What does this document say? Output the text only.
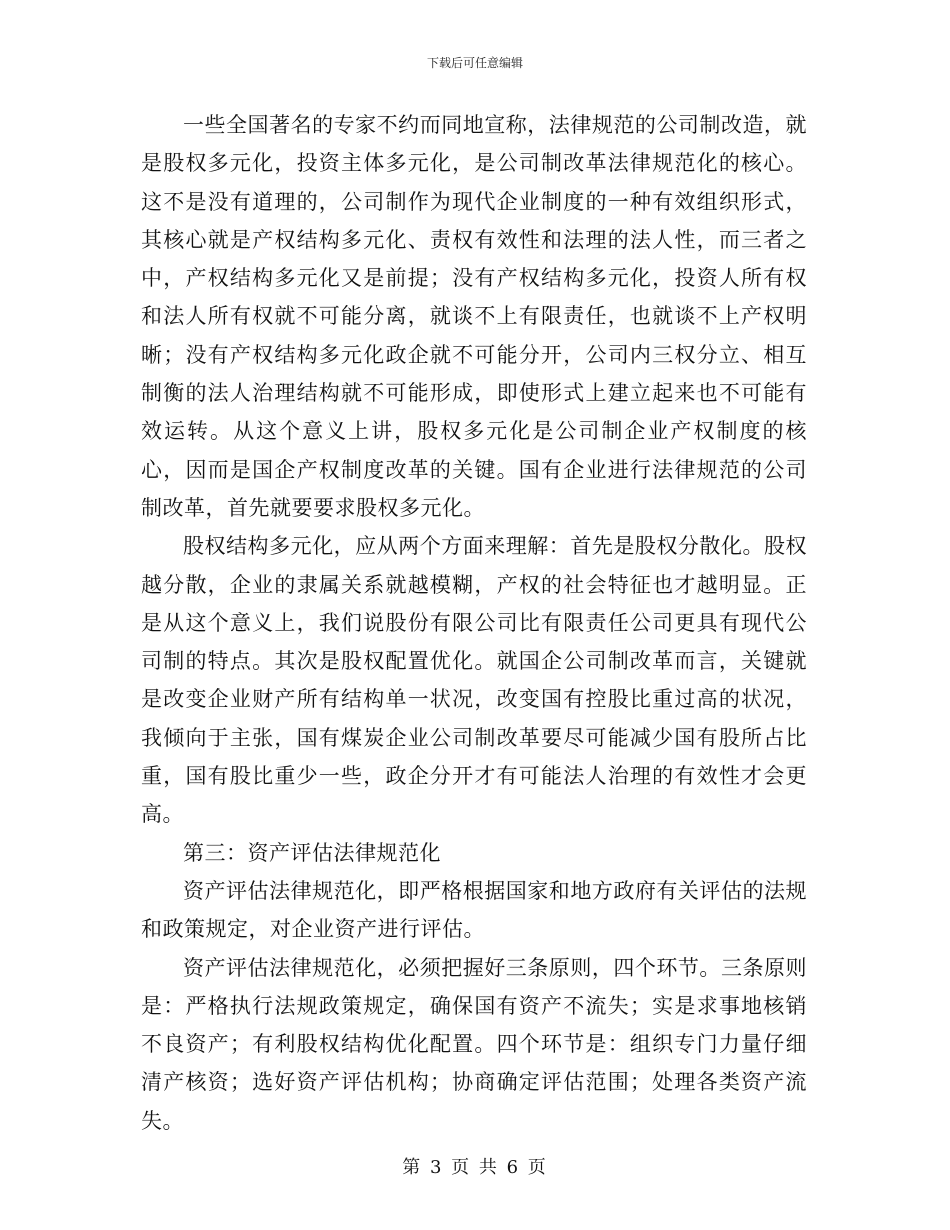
下载后可任意编辑

一些全国著名的专家不约而同地宣称，法律规范的公司制改造，就是股权多元化，投资主体多元化，是公司制改革法律规范化的核心。这不是没有道理的，公司制作为现代企业制度的一种有效组织形式，其核心就是产权结构多元化、责权有效性和法理的法人性，而三者之中，产权结构多元化又是前提；没有产权结构多元化，投资人所有权和法人所有权就不可能分离，就谈不上有限责任，也就谈不上产权明晰；没有产权结构多元化政企就不可能分开，公司内三权分立、相互制衡的法人治理结构就不可能形成，即使形式上建立起来也不可能有效运转。从这个意义上讲，股权多元化是公司制企业产权制度的核心，因而是国企产权制度改革的关键。国有企业进行法律规范的公司制改革，首先就要要求股权多元化。

股权结构多元化，应从两个方面来理解：首先是股权分散化。股权越分散，企业的隶属关系就越模糊，产权的社会特征也才越明显。正是从这个意义上，我们说股份有限公司比有限责任公司更具有现代公司制的特点。其次是股权配置优化。就国企公司制改革而言，关键就是改变企业财产所有结构单一状况，改变国有控股比重过高的状况，我倾向于主张，国有煤炭企业公司制改革要尽可能减少国有股所占比重，国有股比重少一些，政企分开才有可能法人治理的有效性才会更高。

第三：资产评估法律规范化

资产评估法律规范化，即严格根据国家和地方政府有关评估的法规和政策规定，对企业资产进行评估。

资产评估法律规范化，必须把握好三条原则，四个环节。三条原则是：严格执行法规政策规定，确保国有资产不流失；实是求事地核销不良资产；有利股权结构优化配置。四个环节是：组织专门力量仔细清产核资；选好资产评估机构；协商确定评估范围；处理各类资产流失。

第 3 页 共 6 页
